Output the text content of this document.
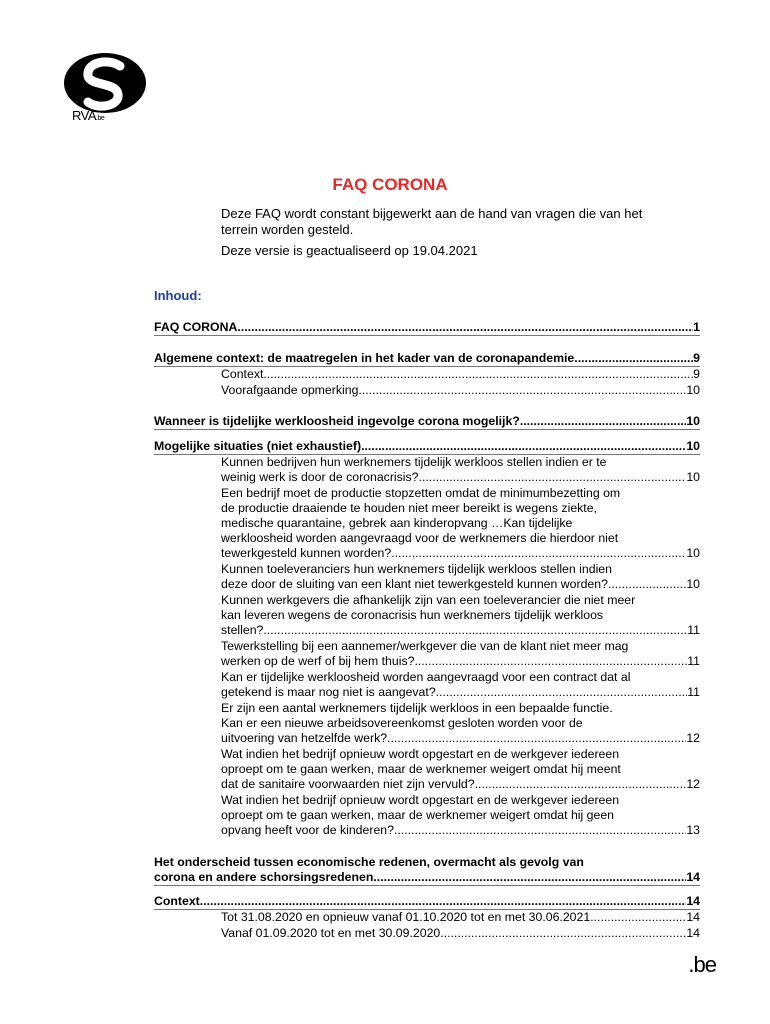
RVA.be
FAQ CORONA
Deze FAQ wordt constant bijgewerkt aan de hand van vragen die van het
terrein worden gesteld.
Deze versie is geactualiseerd op 19.04.2021
Inhoud:
FAQ CORONA .....	1
Algemene context: de maatregelen in het kader van de coronapandemie .....	9
Context .....	9
Voorafgaande opmerking .....	10
Wanneer is tijdelijke werkloosheid ingevolge corona mogelijk? .....	10
Mogelijke situaties (niet exhaustief) .....	10
Kunnen bedrijven hun werknemers tijdelijk werkloos stellen indien er te
weinig werk is door de coronacrisis? .....	10
Een bedrijf moet de productie stopzetten omdat de minimumbezetting om
de productie draaiende te houden niet meer bereikt is wegens ziekte,
medische quarantaine, gebrek aan kinderopvang …Kan tijdelijke
werkloosheid worden aangevraagd voor de werknemers die hierdoor niet
tewerkgesteld kunnen worden? .....	10
Kunnen toeleveranciers hun werknemers tijdelijk werkloos stellen indien
deze door de sluiting van een klant niet tewerkgesteld kunnen worden? .....	10
Kunnen werkgevers die afhankelijk zijn van een toeleverancier die niet meer
kan leveren wegens de coronacrisis hun werknemers tijdelijk werkloos
stellen? .....	11
Tewerkstelling bij een aannemer/werkgever die van de klant niet meer mag
werken op de werf of bij hem thuis? .....	11
Kan er tijdelijke werkloosheid worden aangevraagd voor een contract dat al
getekend is maar nog niet is aangevat? .....	11
Er zijn een aantal werknemers tijdelijk werkloos in een bepaalde functie.
Kan er een nieuwe arbeidsovereenkomst gesloten worden voor de
uitvoering van hetzelfde werk? .....	12
Wat indien het bedrijf opnieuw wordt opgestart en de werkgever iedereen
oproept om te gaan werken, maar de werknemer weigert omdat hij meent
dat de sanitaire voorwaarden niet zijn vervuld? .....	12
Wat indien het bedrijf opnieuw wordt opgestart en de werkgever iedereen
oproept om te gaan werken, maar de werknemer weigert omdat hij geen
opvang heeft voor de kinderen? .....	13
Het onderscheid tussen economische redenen, overmacht als gevolg van
corona en andere schorsingsredenen .....	14
Context .....	14
Tot 31.08.2020 en opnieuw vanaf 01.10.2020 tot en met 30.06.2021 .....	14
Vanaf 01.09.2020 tot en met 30.09.2020 .....	14
.be
